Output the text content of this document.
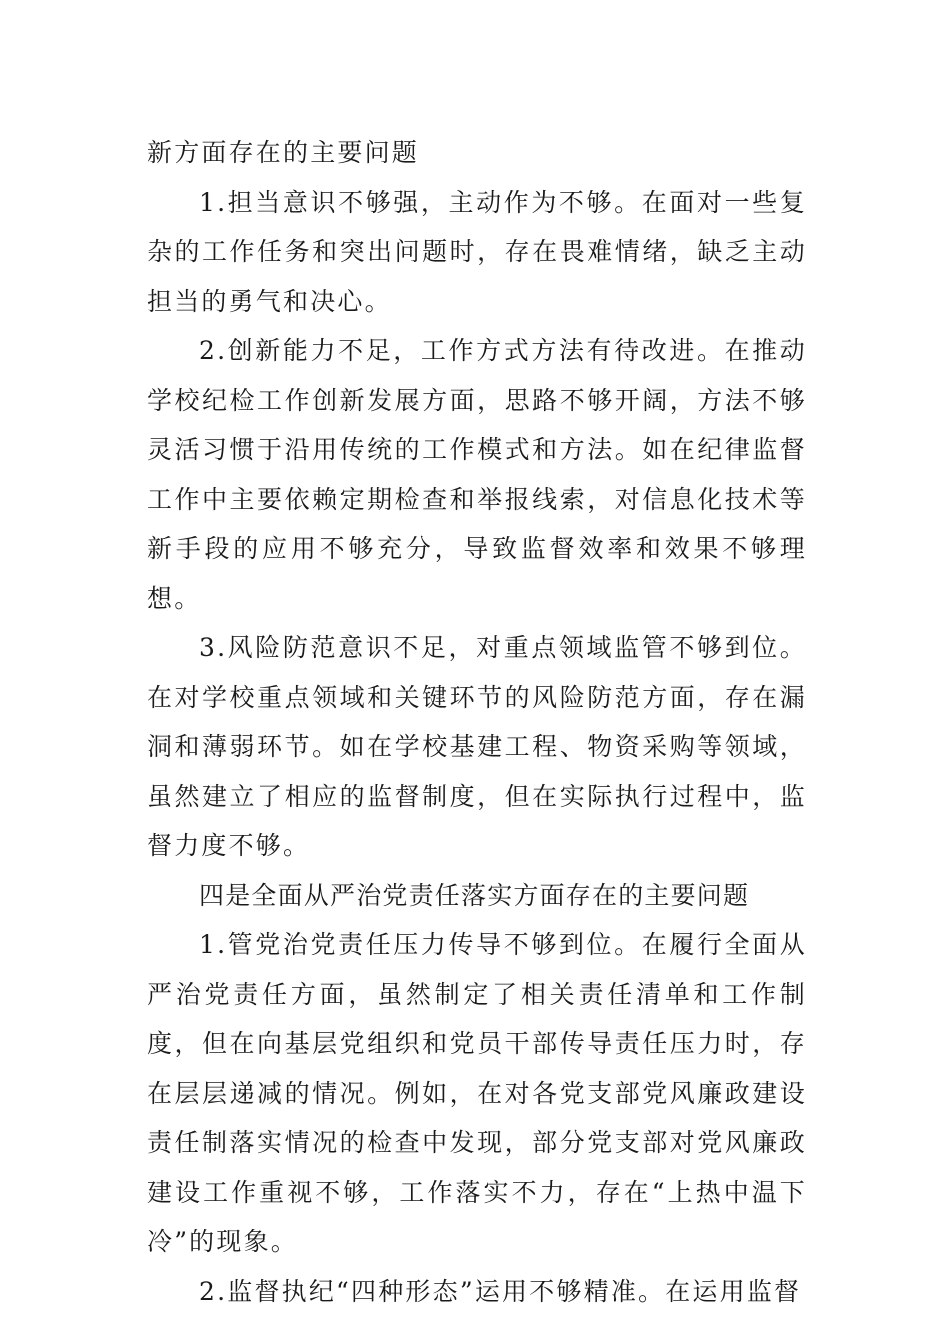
新方面存在的主要问题

1.担当意识不够强，主动作为不够。在面对一些复杂的工作任务和突出问题时，存在畏难情绪，缺乏主动担当的勇气和决心。

2.创新能力不足，工作方式方法有待改进。在推动学校纪检工作创新发展方面，思路不够开阔，方法不够灵活习惯于沿用传统的工作模式和方法。如在纪律监督工作中主要依赖定期检查和举报线索，对信息化技术等新手段的应用不够充分，导致监督效率和效果不够理想。

3.风险防范意识不足，对重点领域监管不够到位。在对学校重点领域和关键环节的风险防范方面，存在漏洞和薄弱环节。如在学校基建工程、物资采购等领域，虽然建立了相应的监督制度，但在实际执行过程中，监督力度不够。

四是全面从严治党责任落实方面存在的主要问题

1.管党治党责任压力传导不够到位。在履行全面从严治党责任方面，虽然制定了相关责任清单和工作制度，但在向基层党组织和党员干部传导责任压力时，存在层层递减的情况。例如，在对各党支部党风廉政建设责任制落实情况的检查中发现，部分党支部对党风廉政建设工作重视不够，工作落实不力，存在“上热中温下冷”的现象。

2.监督执纪“四种形态”运用不够精准。在运用监督
